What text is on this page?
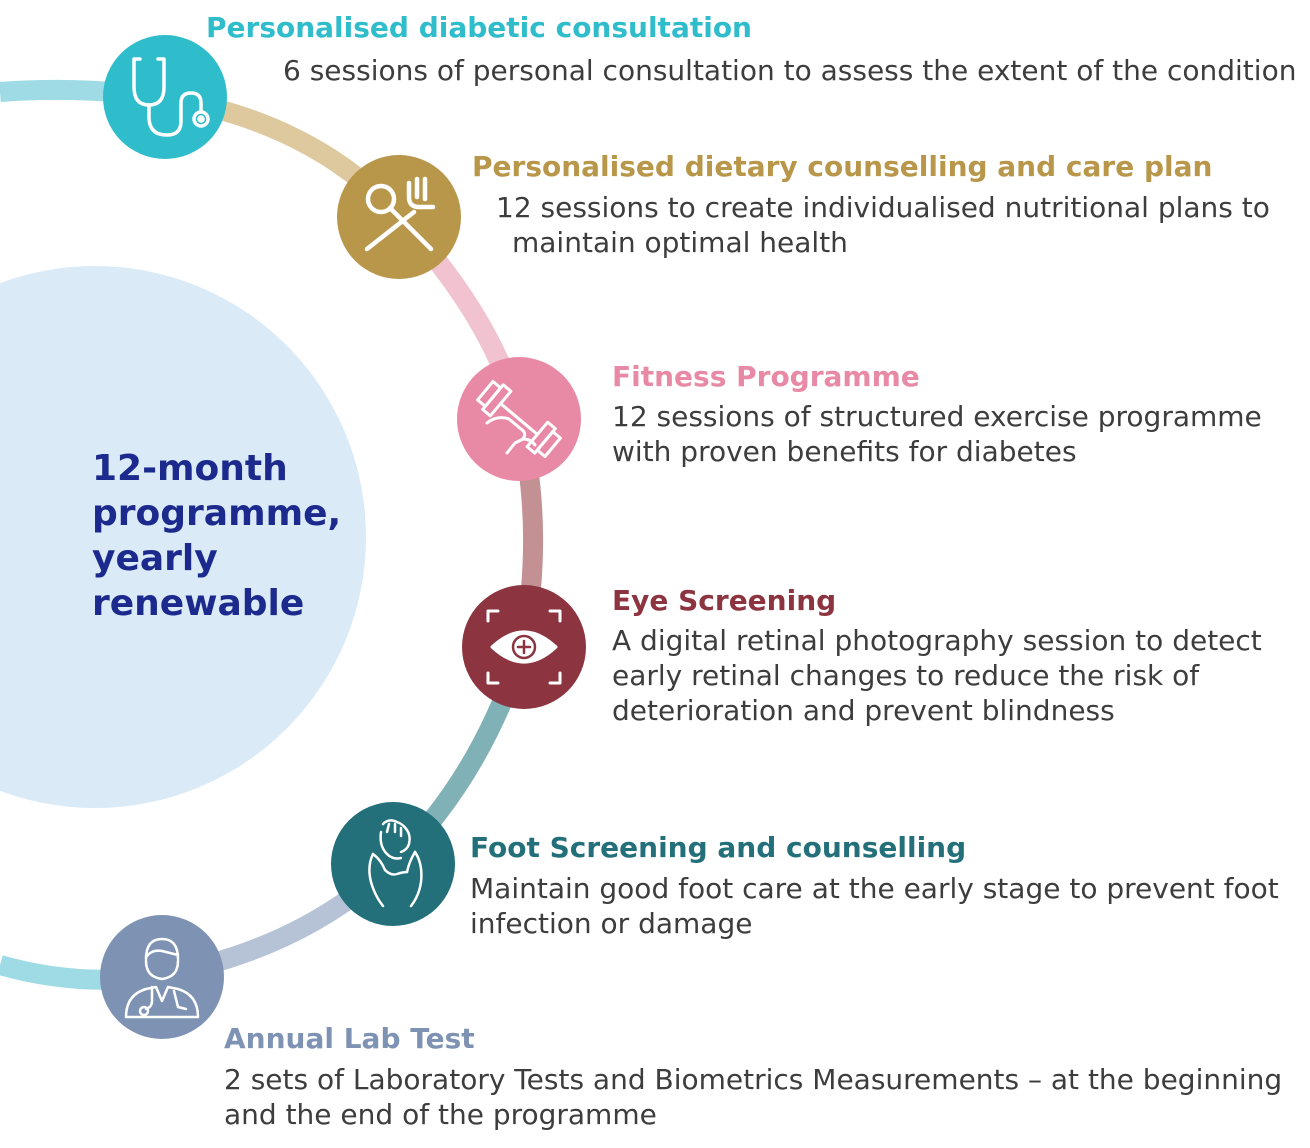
12-month
programme,
yearly
renewable
Personalised diabetic consultation
6 sessions of personal consultation to assess the extent of the condition
Personalised dietary counselling and care plan
12 sessions to create individualised nutritional plans to
maintain optimal health
Fitness Programme
12 sessions of structured exercise programme
with proven benefits for diabetes
Eye Screening
A digital retinal photography session to detect
early retinal changes to reduce the risk of
deterioration and prevent blindness
Foot Screening and counselling
Maintain good foot care at the early stage to prevent foot
infection or damage
Annual Lab Test
2 sets of Laboratory Tests and Biometrics Measurements – at the beginning
and the end of the programme
